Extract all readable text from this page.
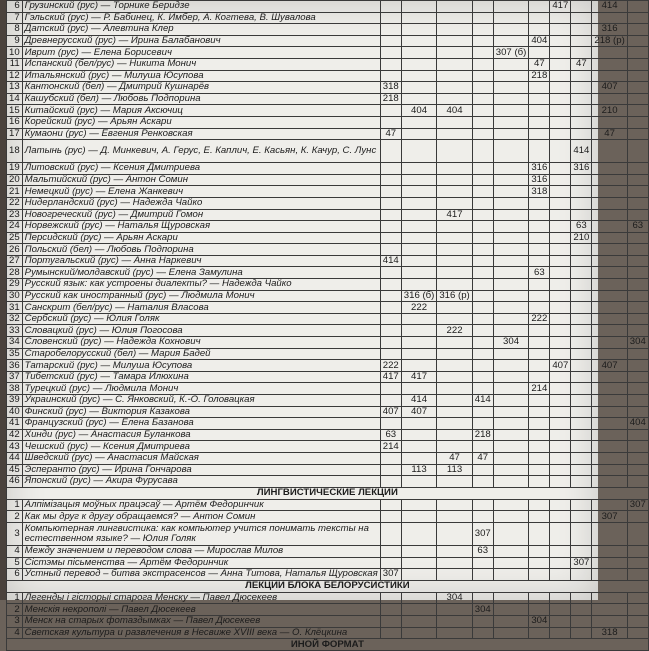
6	Грузинский (рус) — Торнике Беридзе							417		414	
7	Гэльский (рус) — Р. Бабинец, К. Имбер, А. Когтева, В. Шувалова										
8	Датский (рус) — Алевтина Клер									316	
9	Древнерусский (рус) — Ирина Балабанович						404			218 (р)	
10	Иврит (рус) — Елена Борисевич					307 (б)					
11	Испанский (бел/рус) — Никита Монич						47		47		
12	Итальянский (рус) — Милуша Юсупова						218				
13	Кантонский (бел) — Дмитрий Кушнарёв	318								407	
14	Кашубский (бел) — Любовь Подпорина	218									
15	Китайский (рус) — Мария Аксючиц		404	404						210	
16	Корейский (рус) — Арьян Аскари										
17	Кумаони (рус) — Евгения Ренковская	47								47	
18	Латынь (рус) — Д. Минкевич, А. Герус, Е. Каплич, Е. Касьян, К. Качур, С. Лунс								414		
19	Литовский (рус) — Ксения Дмитриева						316		316		
20	Мальтийский (рус) — Антон Сомин						316				
21	Немецкий (рус) — Елена Жанкевич						318				
22	Нидерландский (рус) — Надежда Чайко										
23	Новогреческий (рус) — Дмитрий Гомон			417							
24	Норвежский (рус) — Наталья Щуровская								63		63
25	Персидский (рус) — Арьян Аскари								210		
26	Польский (бел) — Любовь Подпорина										
27	Португальский (рус) — Анна Наркевич	414									
28	Румынский/молдавский (рус) — Елена Замулина						63				
29	Русский язык: как устроены диалекты? — Надежда Чайко										
30	Русский как иностранный (рус) — Людмила Монич		316 (б)	316 (р)							
31	Санскрит (бел/рус) — Наталия Власова		222								
32	Сербский (рус) — Юлия Голяк						222				
33	Словацкий (рус) — Юлия Погосова			222							
34	Словенский (рус) — Надежда Кохнович					304					304
35	Старобелорусский (бел) — Мария Бадей										
36	Татарский (рус) — Милуша Юсупова	222						407		407	
37	Тибетский (рус) — Тамара Илюхина	417	417								
38	Турецкий (рус) — Людмила Монич						214				
39	Украинский (рус) — С. Янковский, К.-О. Головацкая		414		414						
40	Финский (рус) — Виктория Казакова	407	407								
41	Французский (рус) — Елена Базанова										404
42	Хинди (рус) — Анастасия Буланкова	63			218						
43	Чешский (рус) — Ксения Дмитриева	214									
44	Шведский (рус) — Анастасия Майская			47	47						
45	Эсперанто (рус) — Ирина Гончарова		113	113							
46	Японский (рус) — Акира Фурусава										
ЛИНГВИСТИЧЕСКИЕ ЛЕКЦИИ											
1	Алпімізацыя моўных працэсаў — Артём Федоринчик										307
2	Как мы друг к другу обращаемся? — Антон Сомин									307	
3	Компьютерная лингвистика: как компьютер учится понимать тексты на естественном языке? — Юлия Голяк				307						
4	Между значением и переводом слова — Мирослав Милов				63						
5	Сістэмы пісьменства — Артём Федоринчик								307		
6	Устный перевод – битва экстрасенсов — Анна Титова, Наталья Щуровская	307									
ЛЕКЦИИ БЛОКА БЕЛОРУСИСТИКИ											
1	Легенды і гісторыі старога Менску — Павел Дюсекеев			304							
2	Менскія некрополі — Павел Дюсекеев				304						
3	Менск на старых фотаздымках — Павел Дюсекеев						304				
4	Светская культура и развлечения в Несвиже XVIII века — О. Клёцкина									318	
ИНОЙ ФОРМАТ											
